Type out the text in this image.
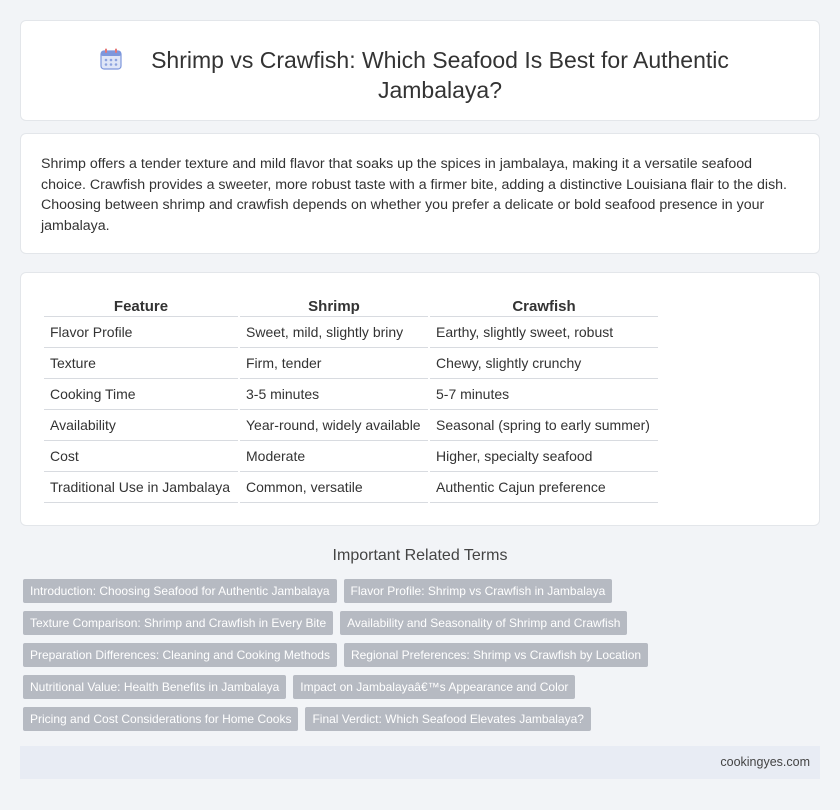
Shrimp vs Crawfish: Which Seafood Is Best for Authentic Jambalaya?

Shrimp offers a tender texture and mild flavor that soaks up the spices in jambalaya, making it a versatile seafood choice. Crawfish provides a sweeter, more robust taste with a firmer bite, adding a distinctive Louisiana flair to the dish. Choosing between shrimp and crawfish depends on whether you prefer a delicate or bold seafood presence in your jambalaya.

Feature	Shrimp	Crawfish
Flavor Profile	Sweet, mild, slightly briny	Earthy, slightly sweet, robust
Texture	Firm, tender	Chewy, slightly crunchy
Cooking Time	3-5 minutes	5-7 minutes
Availability	Year-round, widely available	Seasonal (spring to early summer)
Cost	Moderate	Higher, specialty seafood
Traditional Use in Jambalaya	Common, versatile	Authentic Cajun preference
Important Related Terms
Introduction: Choosing Seafood for Authentic Jambalaya	Flavor Profile: Shrimp vs Crawfish in Jambalaya
Texture Comparison: Shrimp and Crawfish in Every Bite	Availability and Seasonality of Shrimp and Crawfish
Preparation Differences: Cleaning and Cooking Methods	Regional Preferences: Shrimp vs Crawfish by Location
Nutritional Value: Health Benefits in Jambalaya	Impact on Jambalayaâ€™s Appearance and Color
Pricing and Cost Considerations for Home Cooks	Final Verdict: Which Seafood Elevates Jambalaya?
cookingyes.com
